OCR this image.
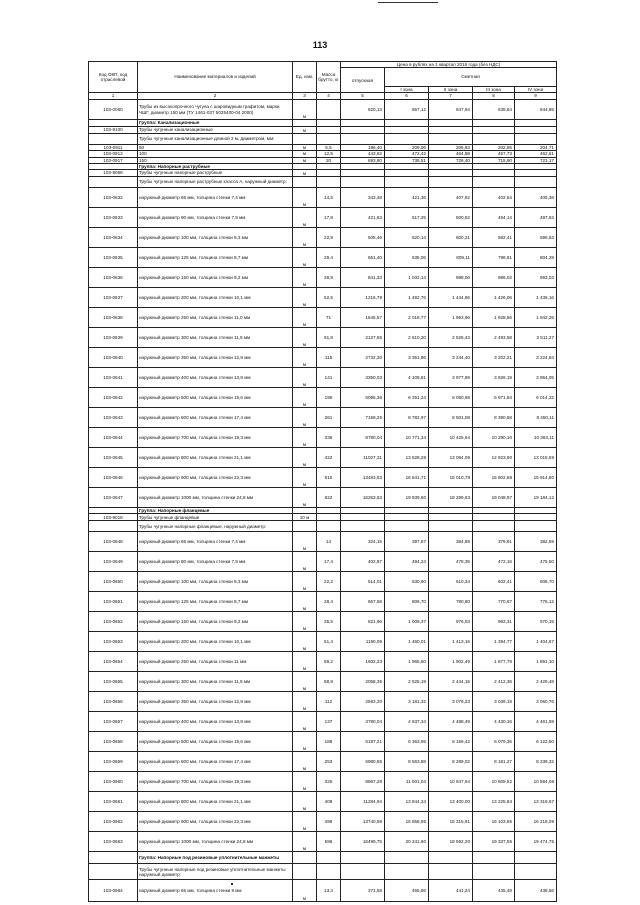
113
Код ОКП, код отраслевой	Наименование материалов и изделий	Ед. изм.	Масса брутто, кг	Цена в рублях на 1 квартал 2016 года (без НДС)				
				отпускная	Сметная			
					I зона	II зона	III зона	IV зона
1	2	3	4	5	6	7	8	9
103-0050	Трубы из высокопрочного чугуна с шаровидным графитом, марки ЧШГ, диаметр 150 мм (ТУ 1461-037 5025400-04 2000)	м		620,13	657,12	647,94	639,64	644,85
	Группа: Канализационные							
103-9100	Трубы чугунные канализационные	м						
	Трубы чугунные канализационные длиной 2 м, диаметром, мм:							
103-0911	50	м	5,5	196,40	209,06	205,83	202,55	204,71
103-0912	100	м	12,5	443,62	472,42	464,88	457,73	462,61
103-0917	150	м	20	693,80	738,51	726,40	715,90	723,17
	Группа: Напорные раструбные							
103-9068	Трубы чугунные напорные раструбные	м						
	Трубы чугунные напорные раструбные класса А, наружный диаметр:							
103-0632	наружный диаметр 65 мм, толщина стенки 7,4 мм	м	14,5	343,48	421,36	407,62	402,54	405,38
103-0633	наружный диаметр 90 мм, толщина стенки 7,9 мм	м	17,8	421,63	517,25	500,62	494,14	497,63
103-0634	наружный диаметр 100 мм, толщина стенки 8,3 мм	м	22,9	505,46	620,14	600,21	592,41	596,63
103-0635	наружный диаметр 125 мм, толщина стенки 8,7 мм	м	29,4	651,40	635,06	809,11	798,61	804,29
103-0636	наружный диаметр 150 мм, толщина стенки 9,2 мм	м	36,9	841,33	1 032,14	998,06	986,02	993,03
103-0637	наружный диаметр 200 мм, толщина стенки 10,1 мм	м	52,5	1216,79	1 492,76	1 444,86	1 426,06	1 436,16
103-0638	наружный диаметр 250 мм, толщина стенки 11,0 мм	м	71	1645,57	2 018,77	1 953,96	1 928,56	1 942,25
103-0639	наружный диаметр 300 мм, толщина стенки 11,9 мм	м	91,8	2127,65	2 610,20	2 526,43	2 493,58	2 511,27
103-0640	наружный диаметр 350 мм, толщина стенки 12,8 мм	м	115	2732,30	3 351,96	3 244,40	3 202,21	3 224,94
103-0641	наружный диаметр 400 мм, толщина стенки 13,8 мм	м	141	3350,03	4 109,81	3 977,89	3 926,19	3 954,05
103-0642	наружный диаметр 500 мм, толщина стенки 15,6 мм	м	195	5095,36	6 251,24	6 050,69	5 971,94	6 014,32
103-0643	наружный диаметр 600 мм, толщина стенки 17,4 мм	м	261	7159,25	8 782,97	8 501,08	8 390,58	8 450,11
103-0644	наружный диаметр 700 мм, толщина стенки 19,3 мм	м	336	8780,04	10 771,34	10 425,64	10 290,10	10 363,11
103-0645	наружный диаметр 800 мм, толщина стенки 21,1 мм	м	422	11027,31	13 528,28	13 094,09	12 923,90	13 015,59
103-0646	наружный диаметр 900 мм, толщина стенки 22,3 мм	м	510	13483,53	16 541,71	16 010,78	15 802,68	15 914,80
103-0647	наружный диаметр 1000 мм, толщина стенки 24,8 мм	м	622	16253,53	19 939,60	19 299,63	19 048,97	19 184,12
	Группа: Напорные фланцевые							
103-9018	Трубы чугунные фланцевые	10 м						
	Трубы чугунные напорные фланцевые, наружный диаметр:							
103-0648	наружный диаметр 65 мм, толщина стенки 7,4 мм	м	14	324,15	397,67	384,89	379,91	382,59
103-0649	наружный диаметр 80 мм, толщина стенки 7,9 мм	м	17,4	402,87	494,24	478,35	472,16	475,50
103-0650	наружный диаметр 100 мм, толщина стенки 8,3 мм	м	22,2	514,01	630,60	610,34	602,41	606,70
103-0651	наружный диаметр 125 мм, толщина стенки 8,7 мм	м	28,4	657,58	806,70	780,80	770,67	776,12
103-0652	наружный диаметр 150 мм, толщина стенки 9,2 мм	м	35,5	821,96	1 008,37	976,03	963,31	970,15
103-0653	наружный диаметр 200 мм, толщина стенки 10,1 мм	м	51,4	1190,09	1 460,01	1 413,16	1 394,77	1 404,67
103-0654	наружный диаметр 250 мм, толщина стенки 11 мм	м	69,2	1602,23	1 965,60	1 902,49	1 877,79	1 891,10
103-0655	наружный диаметр 300 мм, толщина стенки 11,9 мм	м	88,9	2058,35	2 525,19	2 444,15	2 412,36	2 429,48
103-0656	наружный диаметр 350 мм, толщина стенки 12,8 мм	м	112	2593,20	3 181,32	3 079,23	3 039,19	3 060,76
103-0657	наружный диаметр 400 мм, толщина стенки 13,8 мм	м	137	3780,04	4 637,34	4 488,49	4 430,16	4 461,59
103-0658	наружный диаметр 500 мм, толщина стенки 15,6 мм	м	188	5187,21	6 363,65	6 159,42	6 079,35	6 122,50
103-0659	наружный диаметр 600 мм, толщина стенки 17,4 мм	м	253	6980,65	8 563,88	8 289,02	8 181,27	8 239,32
103-0660	наружный диаметр 700 мм, толщина стенки 19,3 мм	м	325	8967,28	11 001,04	10 647,94	10 509,52	10 584,08
103-0661	наружный диаметр 800 мм, толщина стенки 21,1 мм	м	409	11284,94	13 844,34	13 400,00	13 225,84	13 319,67
103-0662	наружный диаметр 900 мм, толщина стенки 22,3 мм	м	498	13740,59	16 856,95	16 315,91	16 103,85	16 218,09
103-0663	наружный диаметр 1000 мм, толщина стенки 24,8 мм	м	596	16499,75	20 241,60	19 592,20	19 337,55	19 474,75
	Группа: Напорные под резиновые уплотнительные манжеты							
	Трубы чугунные напорные под резиновые уплотнительные манжеты наружный диаметр:							
103-0664	наружный диаметр 65 мм, толщина стенки 8 мм	м	13,4	371,58	455,86	441,24	435,48	438,56
